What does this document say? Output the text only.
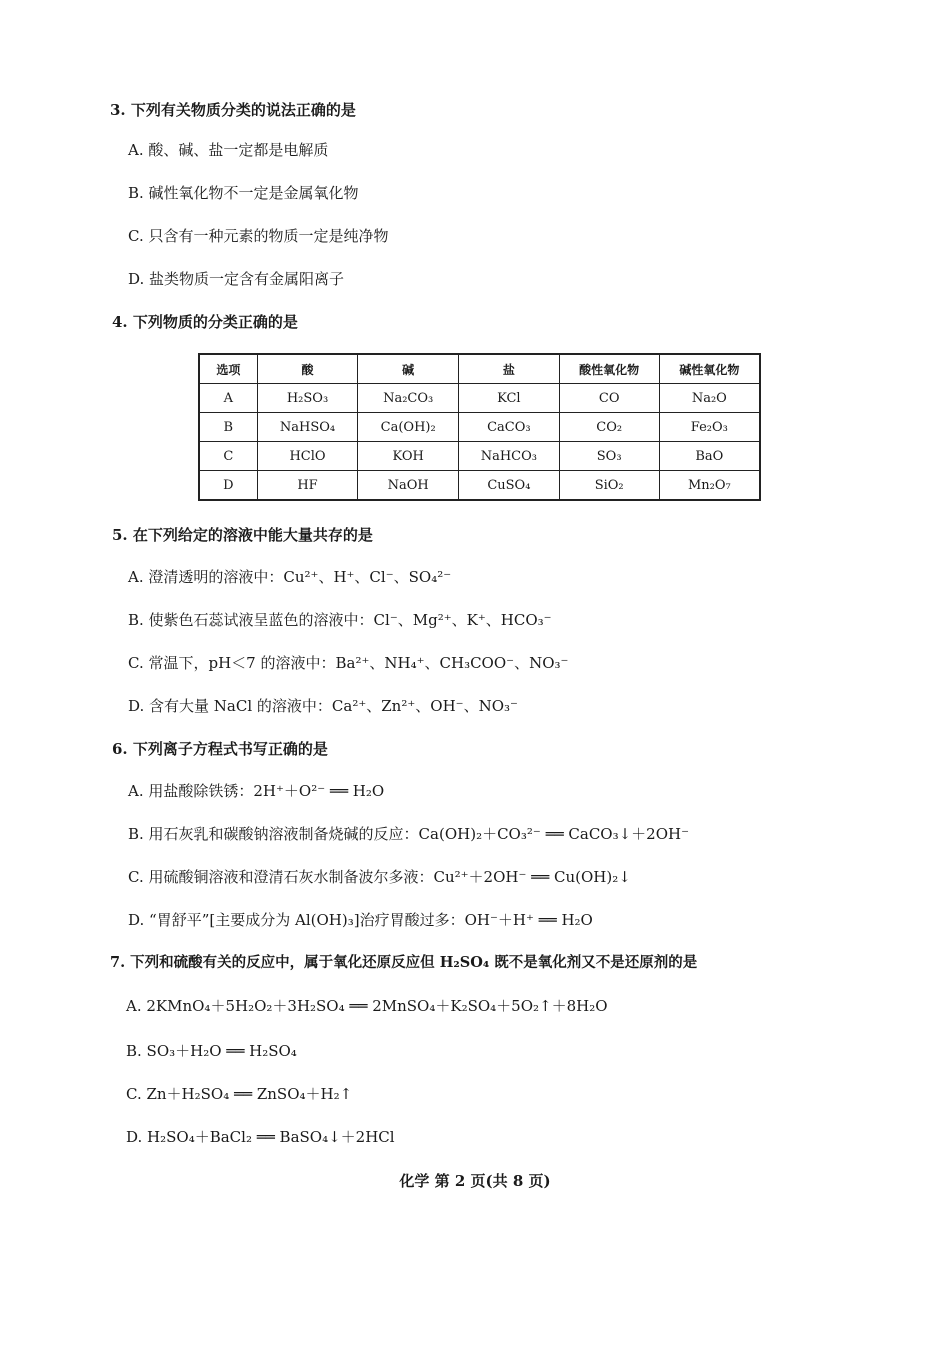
3. 下列有关物质分类的说法正确的是
A. 酸、碱、盐一定都是电解质
B. 碱性氧化物不一定是金属氧化物
C. 只含有一种元素的物质一定是纯净物
D. 盐类物质一定含有金属阳离子
4. 下列物质的分类正确的是
选项	酸	碱	盐	酸性氧化物	碱性氧化物
A	H₂SO₃	Na₂CO₃	KCl	CO	Na₂O
B	NaHSO₄	Ca(OH)₂	CaCO₃	CO₂	Fe₂O₃
C	HClO	KOH	NaHCO₃	SO₃	BaO
D	HF	NaOH	CuSO₄	SiO₂	Mn₂O₇
5. 在下列给定的溶液中能大量共存的是
A. 澄清透明的溶液中：Cu²⁺、H⁺、Cl⁻、SO₄²⁻
B. 使紫色石蕊试液呈蓝色的溶液中：Cl⁻、Mg²⁺、K⁺、HCO₃⁻
C. 常温下，pH＜7 的溶液中：Ba²⁺、NH₄⁺、CH₃COO⁻、NO₃⁻
D. 含有大量 NaCl 的溶液中：Ca²⁺、Zn²⁺、OH⁻、NO₃⁻
6. 下列离子方程式书写正确的是
A. 用盐酸除铁锈：2H⁺＋O²⁻ ══ H₂O
B. 用石灰乳和碳酸钠溶液制备烧碱的反应：Ca(OH)₂＋CO₃²⁻ ══ CaCO₃↓＋2OH⁻
C. 用硫酸铜溶液和澄清石灰水制备波尔多液：Cu²⁺＋2OH⁻ ══ Cu(OH)₂↓
D. “胃舒平”[主要成分为 Al(OH)₃]治疗胃酸过多：OH⁻＋H⁺ ══ H₂O
7. 下列和硫酸有关的反应中，属于氧化还原反应但 H₂SO₄ 既不是氧化剂又不是还原剂的是
A. 2KMnO₄＋5H₂O₂＋3H₂SO₄ ══ 2MnSO₄＋K₂SO₄＋5O₂↑＋8H₂O
B. SO₃＋H₂O ══ H₂SO₄
C. Zn＋H₂SO₄ ══ ZnSO₄＋H₂↑
D. H₂SO₄＋BaCl₂ ══ BaSO₄↓＋2HCl
化学 第 2 页(共 8 页)
